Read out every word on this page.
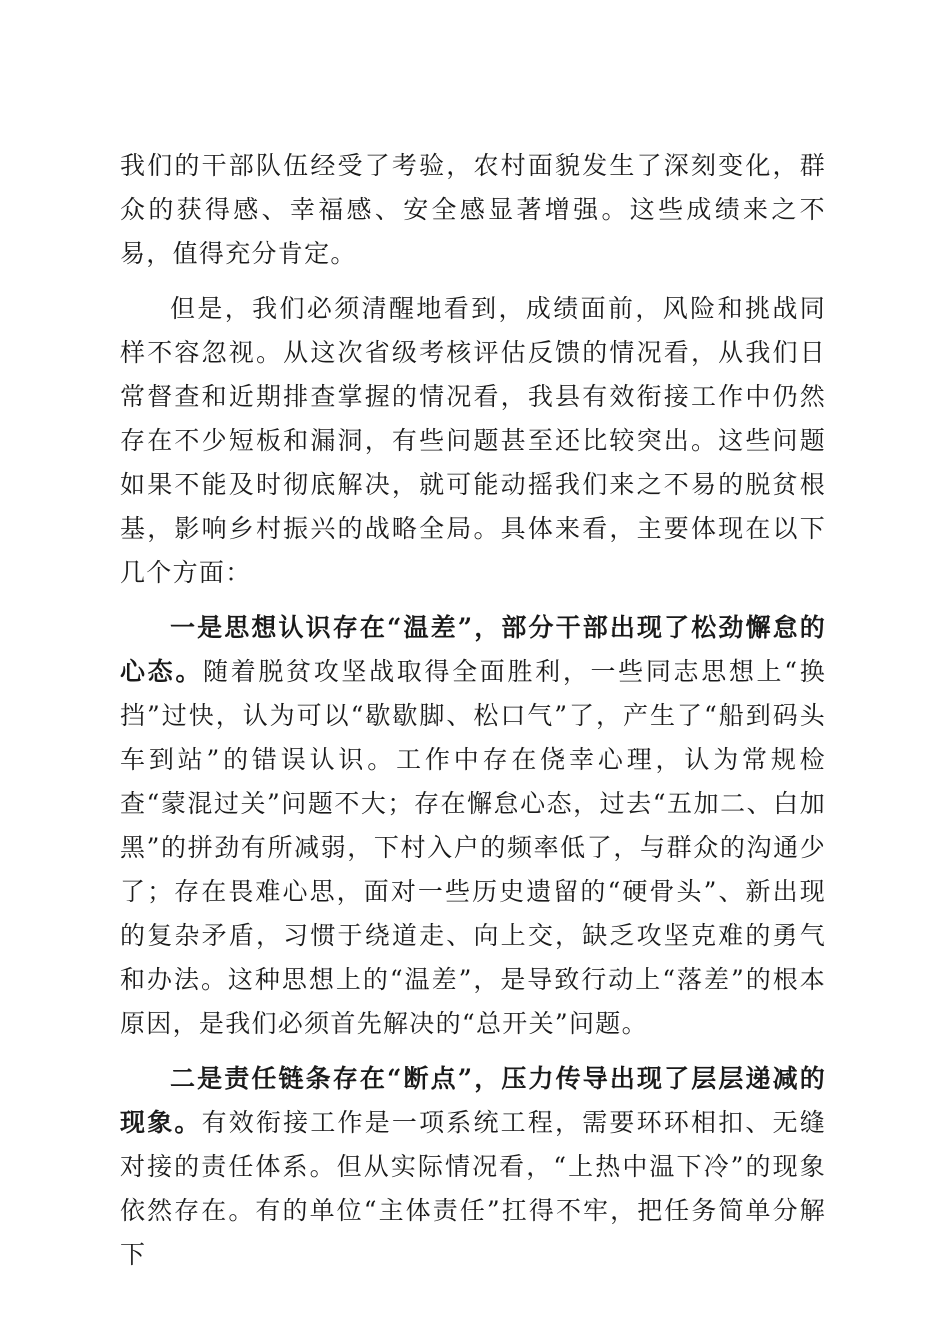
我们的干部队伍经受了考验，农村面貌发生了深刻变化，群众的获得感、幸福感、安全感显著增强。这些成绩来之不易，值得充分肯定。

但是，我们必须清醒地看到，成绩面前，风险和挑战同样不容忽视。从这次省级考核评估反馈的情况看，从我们日常督查和近期排查掌握的情况看，我县有效衔接工作中仍然存在不少短板和漏洞，有些问题甚至还比较突出。这些问题如果不能及时彻底解决，就可能动摇我们来之不易的脱贫根基，影响乡村振兴的战略全局。具体来看，主要体现在以下几个方面：

一是思想认识存在“温差”，部分干部出现了松劲懈怠的心态。随着脱贫攻坚战取得全面胜利，一些同志思想上“换挡”过快，认为可以“歇歇脚、松口气”了，产生了“船到码头车到站”的错误认识。工作中存在侥幸心理，认为常规检查“蒙混过关”问题不大；存在懈怠心态，过去“五加二、白加黑”的拼劲有所减弱，下村入户的频率低了，与群众的沟通少了；存在畏难心思，面对一些历史遗留的“硬骨头”、新出现的复杂矛盾，习惯于绕道走、向上交，缺乏攻坚克难的勇气和办法。这种思想上的“温差”，是导致行动上“落差”的根本原因，是我们必须首先解决的“总开关”问题。

二是责任链条存在“断点”，压力传导出现了层层递减的现象。有效衔接工作是一项系统工程，需要环环相扣、无缝对接的责任体系。但从实际情况看，“上热中温下冷”的现象依然存在。有的单位“主体责任”扛得不牢，把任务简单分解下
